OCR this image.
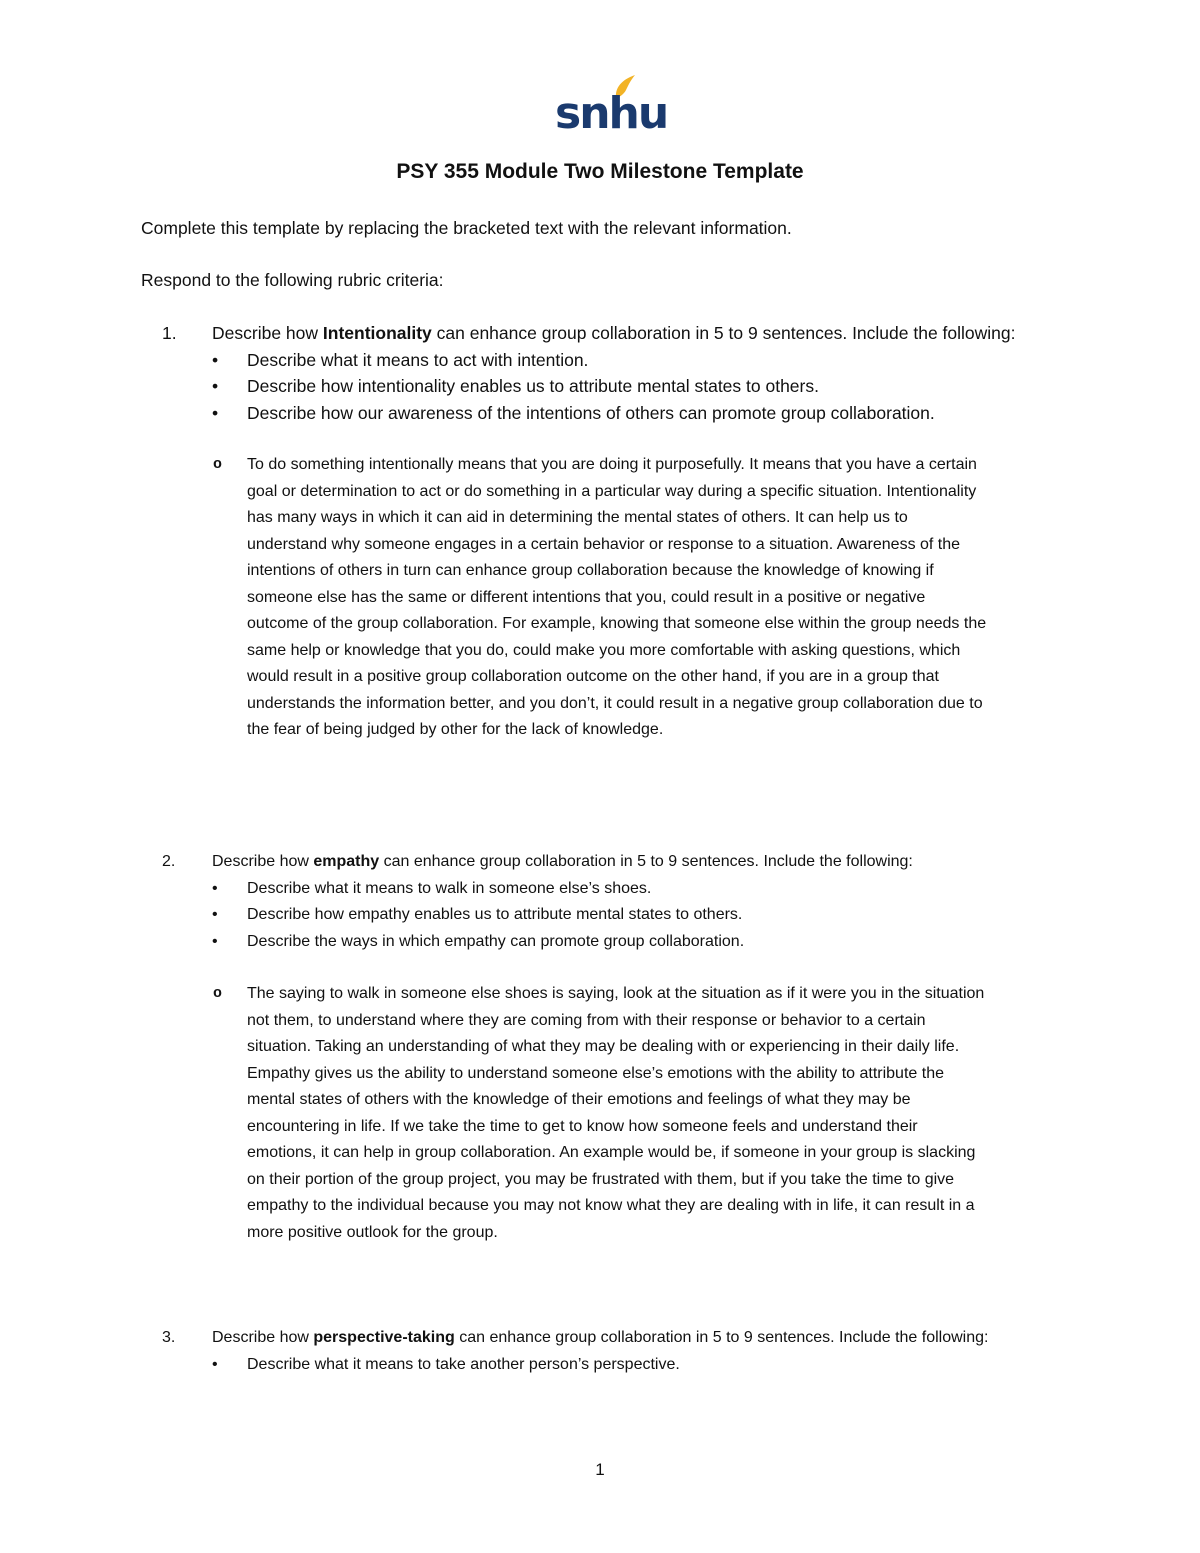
snhu
PSY 355 Module Two Milestone Template
Complete this template by replacing the bracketed text with the relevant information.
Respond to the following rubric criteria:
1. Describe how Intentionality can enhance group collaboration in 5 to 9 sentences. Include the following:
• Describe what it means to act with intention.
• Describe how intentionality enables us to attribute mental states to others.
• Describe how our awareness of the intentions of others can promote group collaboration.
o To do something intentionally means that you are doing it purposefully. It means that you have a certain goal or determination to act or do something in a particular way during a specific situation. Intentionality has many ways in which it can aid in determining the mental states of others. It can help us to understand why someone engages in a certain behavior or response to a situation. Awareness of the intentions of others in turn can enhance group collaboration because the knowledge of knowing if someone else has the same or different intentions that you, could result in a positive or negative outcome of the group collaboration. For example, knowing that someone else within the group needs the same help or knowledge that you do, could make you more comfortable with asking questions, which would result in a positive group collaboration outcome on the other hand, if you are in a group that understands the information better, and you don’t, it could result in a negative group collaboration due to the fear of being judged by other for the lack of knowledge.
2. Describe how empathy can enhance group collaboration in 5 to 9 sentences. Include the following:
• Describe what it means to walk in someone else’s shoes.
• Describe how empathy enables us to attribute mental states to others.
• Describe the ways in which empathy can promote group collaboration.
o The saying to walk in someone else shoes is saying, look at the situation as if it were you in the situation not them, to understand where they are coming from with their response or behavior to a certain situation. Taking an understanding of what they may be dealing with or experiencing in their daily life. Empathy gives us the ability to understand someone else’s emotions with the ability to attribute the mental states of others with the knowledge of their emotions and feelings of what they may be encountering in life. If we take the time to get to know how someone feels and understand their emotions, it can help in group collaboration. An example would be, if someone in your group is slacking on their portion of the group project, you may be frustrated with them, but if you take the time to give empathy to the individual because you may not know what they are dealing with in life, it can result in a more positive outlook for the group.
3. Describe how perspective-taking can enhance group collaboration in 5 to 9 sentences. Include the following:
• Describe what it means to take another person’s perspective.
1
